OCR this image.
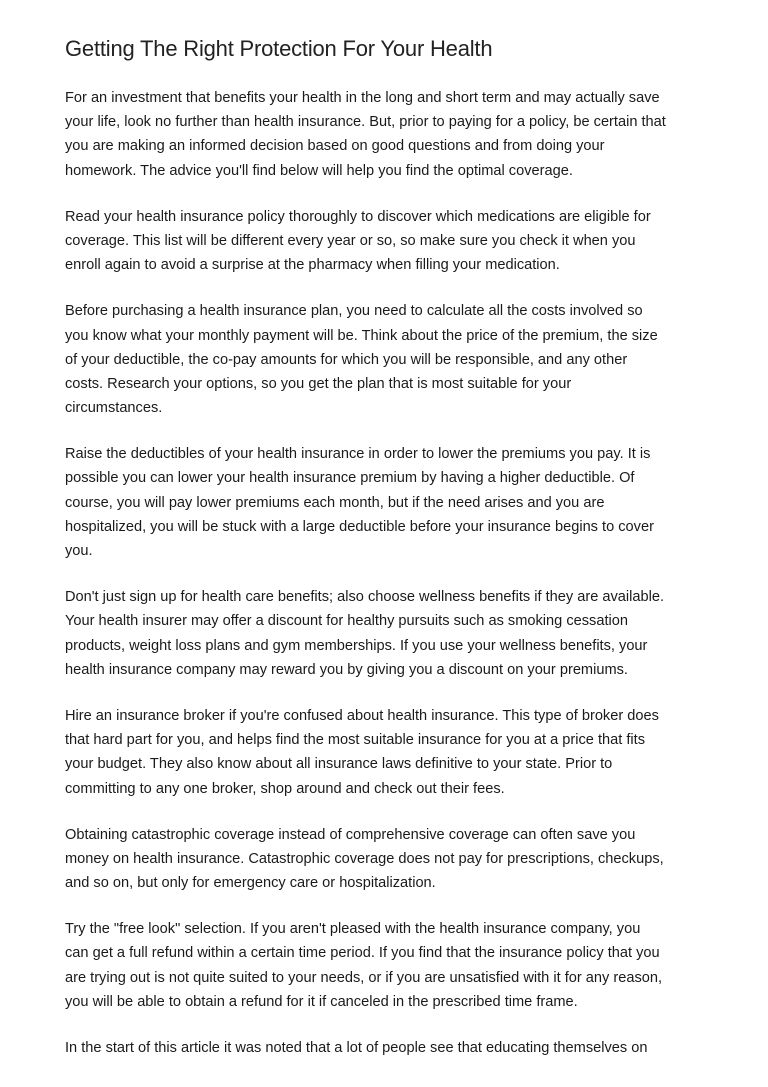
Getting The Right Protection For Your Health

For an investment that benefits your health in the long and short term and may actually save
your life, look no further than health insurance. But, prior to paying for a policy, be certain that
you are making an informed decision based on good questions and from doing your
homework. The advice you'll find below will help you find the optimal coverage.

Read your health insurance policy thoroughly to discover which medications are eligible for
coverage. This list will be different every year or so, so make sure you check it when you
enroll again to avoid a surprise at the pharmacy when filling your medication.

Before purchasing a health insurance plan, you need to calculate all the costs involved so
you know what your monthly payment will be. Think about the price of the premium, the size
of your deductible, the co-pay amounts for which you will be responsible, and any other
costs. Research your options, so you get the plan that is most suitable for your
circumstances.

Raise the deductibles of your health insurance in order to lower the premiums you pay. It is
possible you can lower your health insurance premium by having a higher deductible. Of
course, you will pay lower premiums each month, but if the need arises and you are
hospitalized, you will be stuck with a large deductible before your insurance begins to cover
you.

Don't just sign up for health care benefits; also choose wellness benefits if they are available.
Your health insurer may offer a discount for healthy pursuits such as smoking cessation
products, weight loss plans and gym memberships. If you use your wellness benefits, your
health insurance company may reward you by giving you a discount on your premiums.

Hire an insurance broker if you're confused about health insurance. This type of broker does
that hard part for you, and helps find the most suitable insurance for you at a price that fits
your budget. They also know about all insurance laws definitive to your state. Prior to
committing to any one broker, shop around and check out their fees.

Obtaining catastrophic coverage instead of comprehensive coverage can often save you
money on health insurance. Catastrophic coverage does not pay for prescriptions, checkups,
and so on, but only for emergency care or hospitalization.

Try the "free look" selection. If you aren't pleased with the health insurance company, you
can get a full refund within a certain time period. If you find that the insurance policy that you
are trying out is not quite suited to your needs, or if you are unsatisfied with it for any reason,
you will be able to obtain a refund for it if canceled in the prescribed time frame.

In the start of this article it was noted that a lot of people see that educating themselves on
